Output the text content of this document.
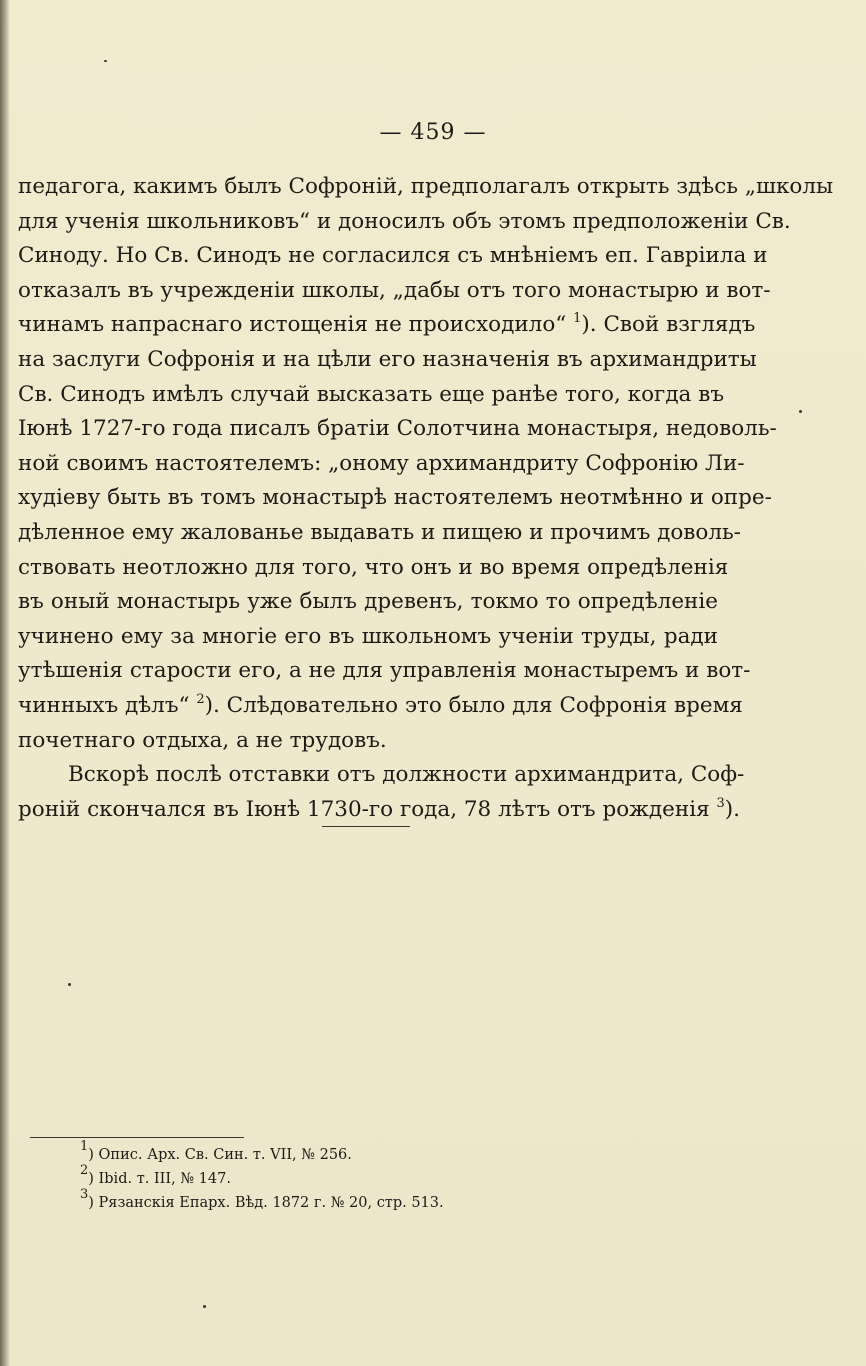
— 459 —
педагога, какимъ былъ Софроній, предполагалъ открыть здѣсь „школы
для ученія школьниковъ“ и доносилъ объ этомъ предположеніи Св.
Синоду. Но Св. Синодъ не согласился съ мнѣніемъ еп. Гавріила и
отказалъ въ учрежденіи школы, „дабы отъ того монастырю и вот-
чинамъ напраснаго истощенія не происходило“ $^1$). Свой взглядъ
на заслуги Софронія и на цѣли его назначенія въ архимандриты
Св. Синодъ имѣлъ случай высказать еще ранѣе того, когда въ
Іюнѣ 1727-го года писалъ братіи Солотчина монастыря, недоволь-
ной своимъ настоятелемъ: „оному архимандриту Софронію Ли-
худіеву быть въ томъ монастырѣ настоятелемъ неотмѣнно и опре-
дѣленное ему жалованье выдавать и пищею и прочимъ доволь-
ствовать неотложно для того, что онъ и во время опредѣленія
въ оный монастырь уже былъ древенъ, токмо то опредѣленіе
учинено ему за многіе его въ школьномъ ученіи труды, ради
утѣшенія старости его, а не для управленія монастыремъ и вот-
чинныхъ дѣлъ“ $^2$). Слѣдовательно это было для Софронія время
почетнаго отдыха, а не трудовъ.
Вскорѣ послѣ отставки отъ должности архимандрита, Соф-
роній скончался въ Іюнѣ 1730-го года, 78 лѣтъ отъ рожденія $^3$).
$^1$) Опис. Арх. Св. Син. т. VII, № 256.
$^2$) Ibid. т. III, № 147.
$^3$) Рязанскія Епарх. Вѣд. 1872 г. № 20, стр. 513.
